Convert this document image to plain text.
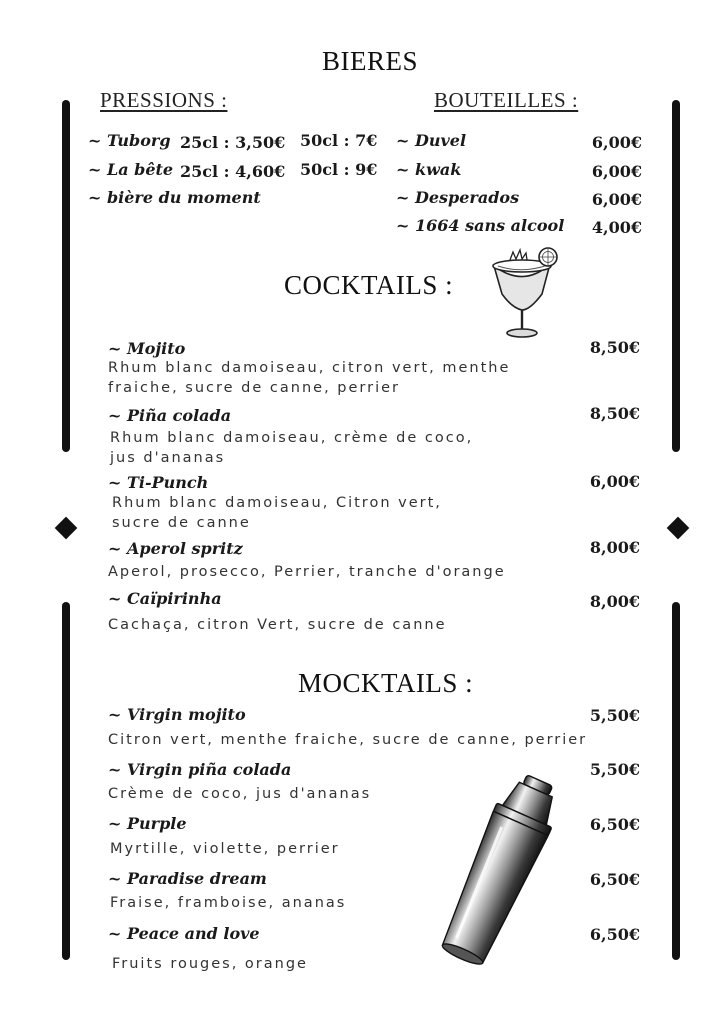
BIERES
PRESSIONS :	BOUTEILLES :
~ Tuborg 25cl : 3,50€ 50cl : 7€
~ La bête 25cl : 4,60€ 50cl : 9€
~ bière du moment
~ Duvel	6,00€
~ kwak	6,00€
~ Desperados	6,00€
~ 1664 sans alcool	4,00€
COCKTAILS :
~ Mojito	8,50€
Rhum blanc damoiseau, citron vert, menthe
fraiche, sucre de canne, perrier
~ Piña colada	8,50€
Rhum blanc damoiseau, crème de coco,
jus d'ananas
~ Ti-Punch	6,00€
Rhum blanc damoiseau, Citron vert,
sucre de canne
~ Aperol spritz	8,00€
Aperol, prosecco, Perrier, tranche d'orange
~ Caïpirinha	8,00€
Cachaça, citron Vert, sucre de canne
MOCKTAILS :
~ Virgin mojito	5,50€
Citron vert, menthe fraiche, sucre de canne, perrier
~ Virgin piña colada	5,50€
Crème de coco, jus d'ananas
~ Purple	6,50€
Myrtille, violette, perrier
~ Paradise dream	6,50€
Fraise, framboise, ananas
~ Peace and love	6,50€
Fruits rouges, orange
